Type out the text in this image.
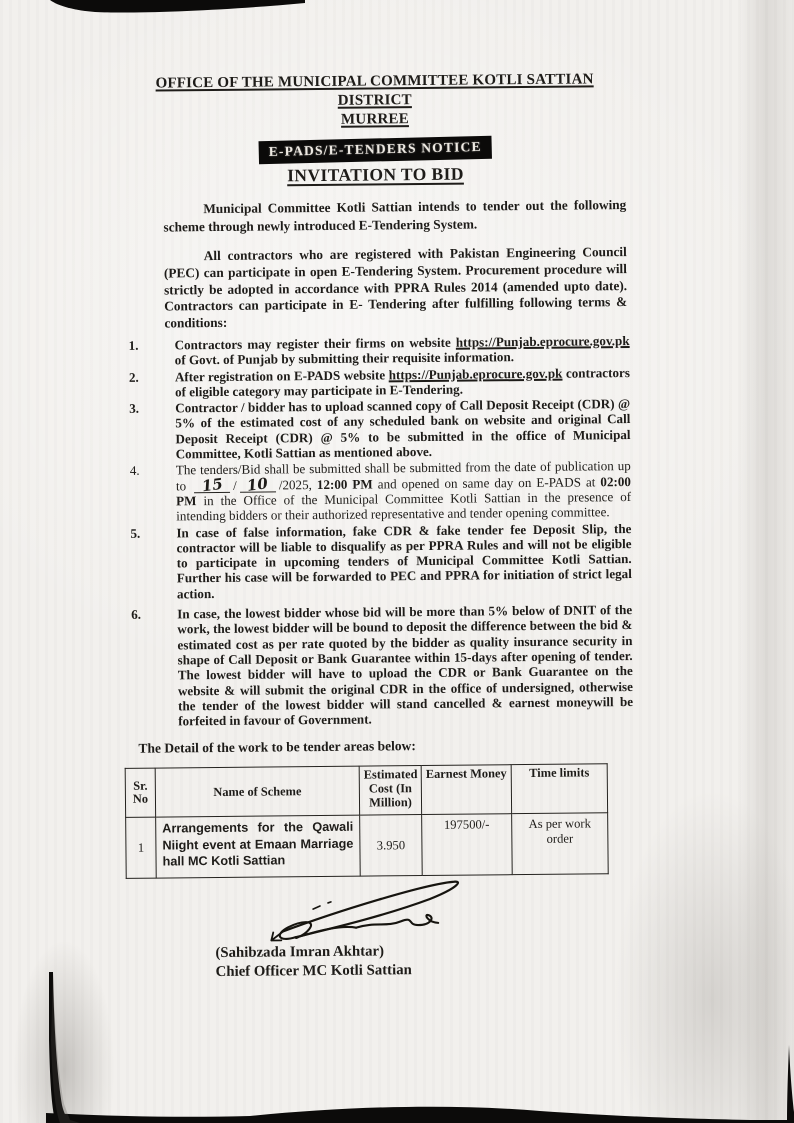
OFFICE OF THE MUNICIPAL COMMITTEE KOTLI SATTIAN DISTRICT
MURREE
E-PADS/E-TENDERS NOTICE
INVITATION TO BID

Municipal Committee Kotli Sattian intends to tender out the following scheme through newly introduced E-Tendering System.

All contractors who are registered with Pakistan Engineering Council (PEC) can participate in open E-Tendering System. Procurement procedure will strictly be adopted in accordance with PPRA Rules 2014 (amended upto date). Contractors can participate in E- Tendering after fulfilling following terms & conditions:

1.	Contractors may register their firms on website https://Punjab.eprocure.gov.pk of Govt. of Punjab by submitting their requisite information.
2.	After registration on E-PADS website https://Punjab.eprocure.gov.pk contractors of eligible category may participate in E-Tendering.
3.	Contractor / bidder has to upload scanned copy of Call Deposit Receipt (CDR) @ 5% of the estimated cost of any scheduled bank on website and original Call Deposit Receipt (CDR) @ 5% to be submitted in the office of Municipal Committee, Kotli Sattian as mentioned above.
4.	The tenders/Bid shall be submitted shall be submitted from the date of publication up to 15 / 10 /2025, 12:00 PM and opened on same day on E-PADS at 02:00 PM in the Office of the Municipal Committee Kotli Sattian in the presence of intending bidders or their authorized representative and tender opening committee.
5.	In case of false information, fake CDR & fake tender fee Deposit Slip, the contractor will be liable to disqualify as per PPRA Rules and will not be eligible to participate in upcoming tenders of Municipal Committee Kotli Sattian. Further his case will be forwarded to PEC and PPRA for initiation of strict legal action.
6.	In case, the lowest bidder whose bid will be more than 5% below of DNIT of the work, the lowest bidder will be bound to deposit the difference between the bid & estimated cost as per rate quoted by the bidder as quality insurance security in shape of Call Deposit or Bank Guarantee within 15-days after opening of tender. The lowest bidder will have to upload the CDR or Bank Guarantee on the website & will submit the original CDR in the office of undersigned, otherwise the tender of the lowest bidder will stand cancelled & earnest moneywill be forfeited in favour of Government.
The Detail of the work to be tender areas below:
Sr. No	Name of Scheme	Estimated Cost (In Million)	Earnest Money	Time limits
1	Arrangements for the Qawali Niight event at Emaan Marriage hall MC Kotli Sattian	3.950	197500/-	As per work order
(Sahibzada Imran Akhtar)
Chief Officer MC Kotli Sattian
